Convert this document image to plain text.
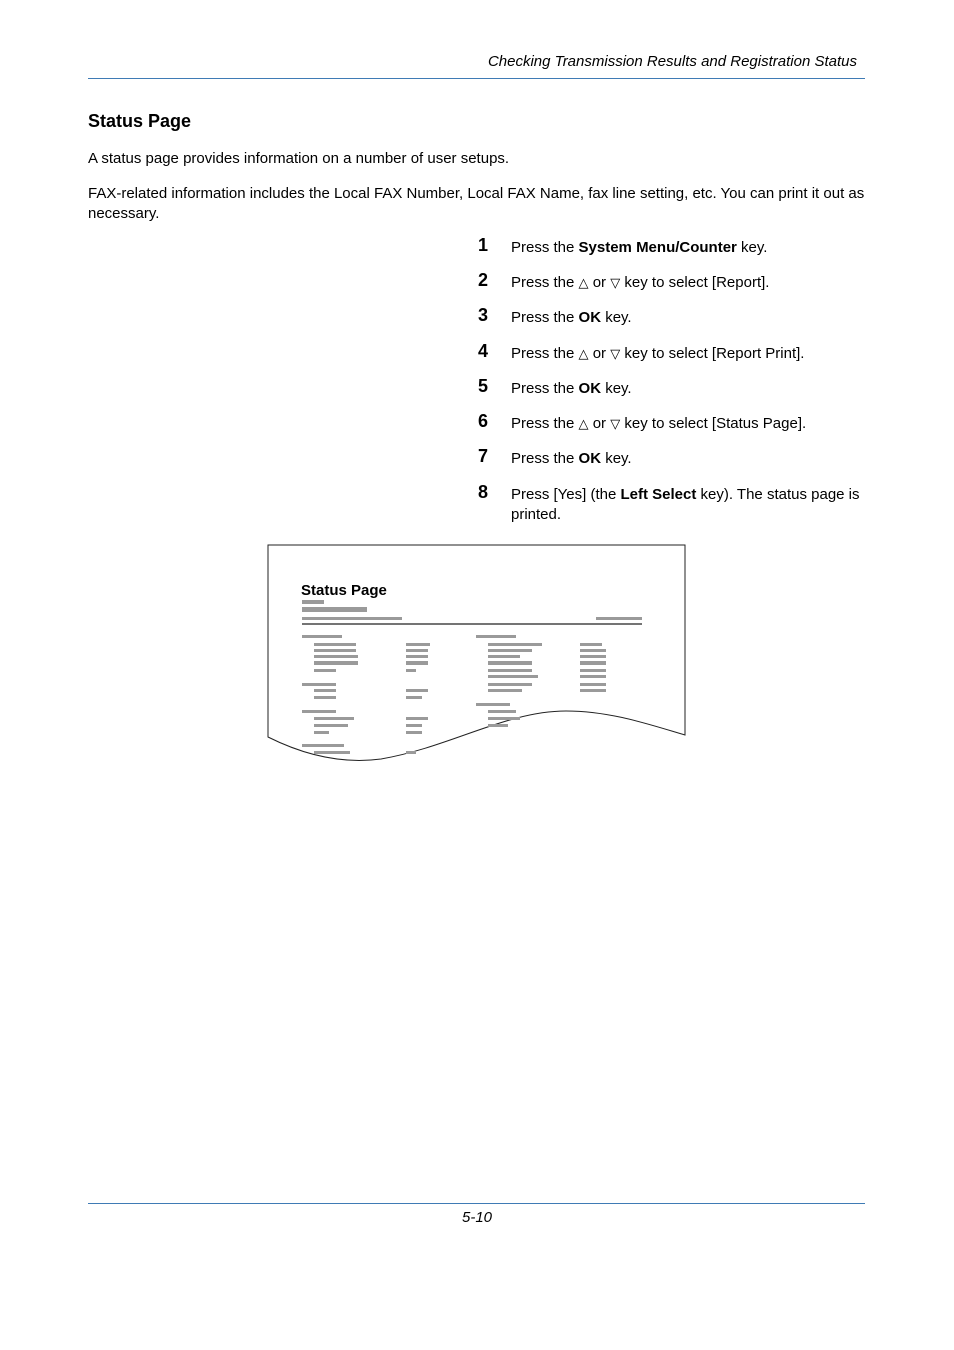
Checking Transmission Results and Registration Status
Status Page
A status page provides information on a number of user setups.
FAX-related information includes the Local FAX Number, Local FAX Name, fax line setting, etc. You can print it out as necessary.
1 Press the System Menu/Counter key.
2 Press the △ or ▽ key to select [Report].
3 Press the OK key.
4 Press the △ or ▽ key to select [Report Print].
5 Press the OK key.
6 Press the △ or ▽ key to select [Status Page].
7 Press the OK key.
8 Press [Yes] (the Left Select key). The status page is printed.
Status Page
5-10
